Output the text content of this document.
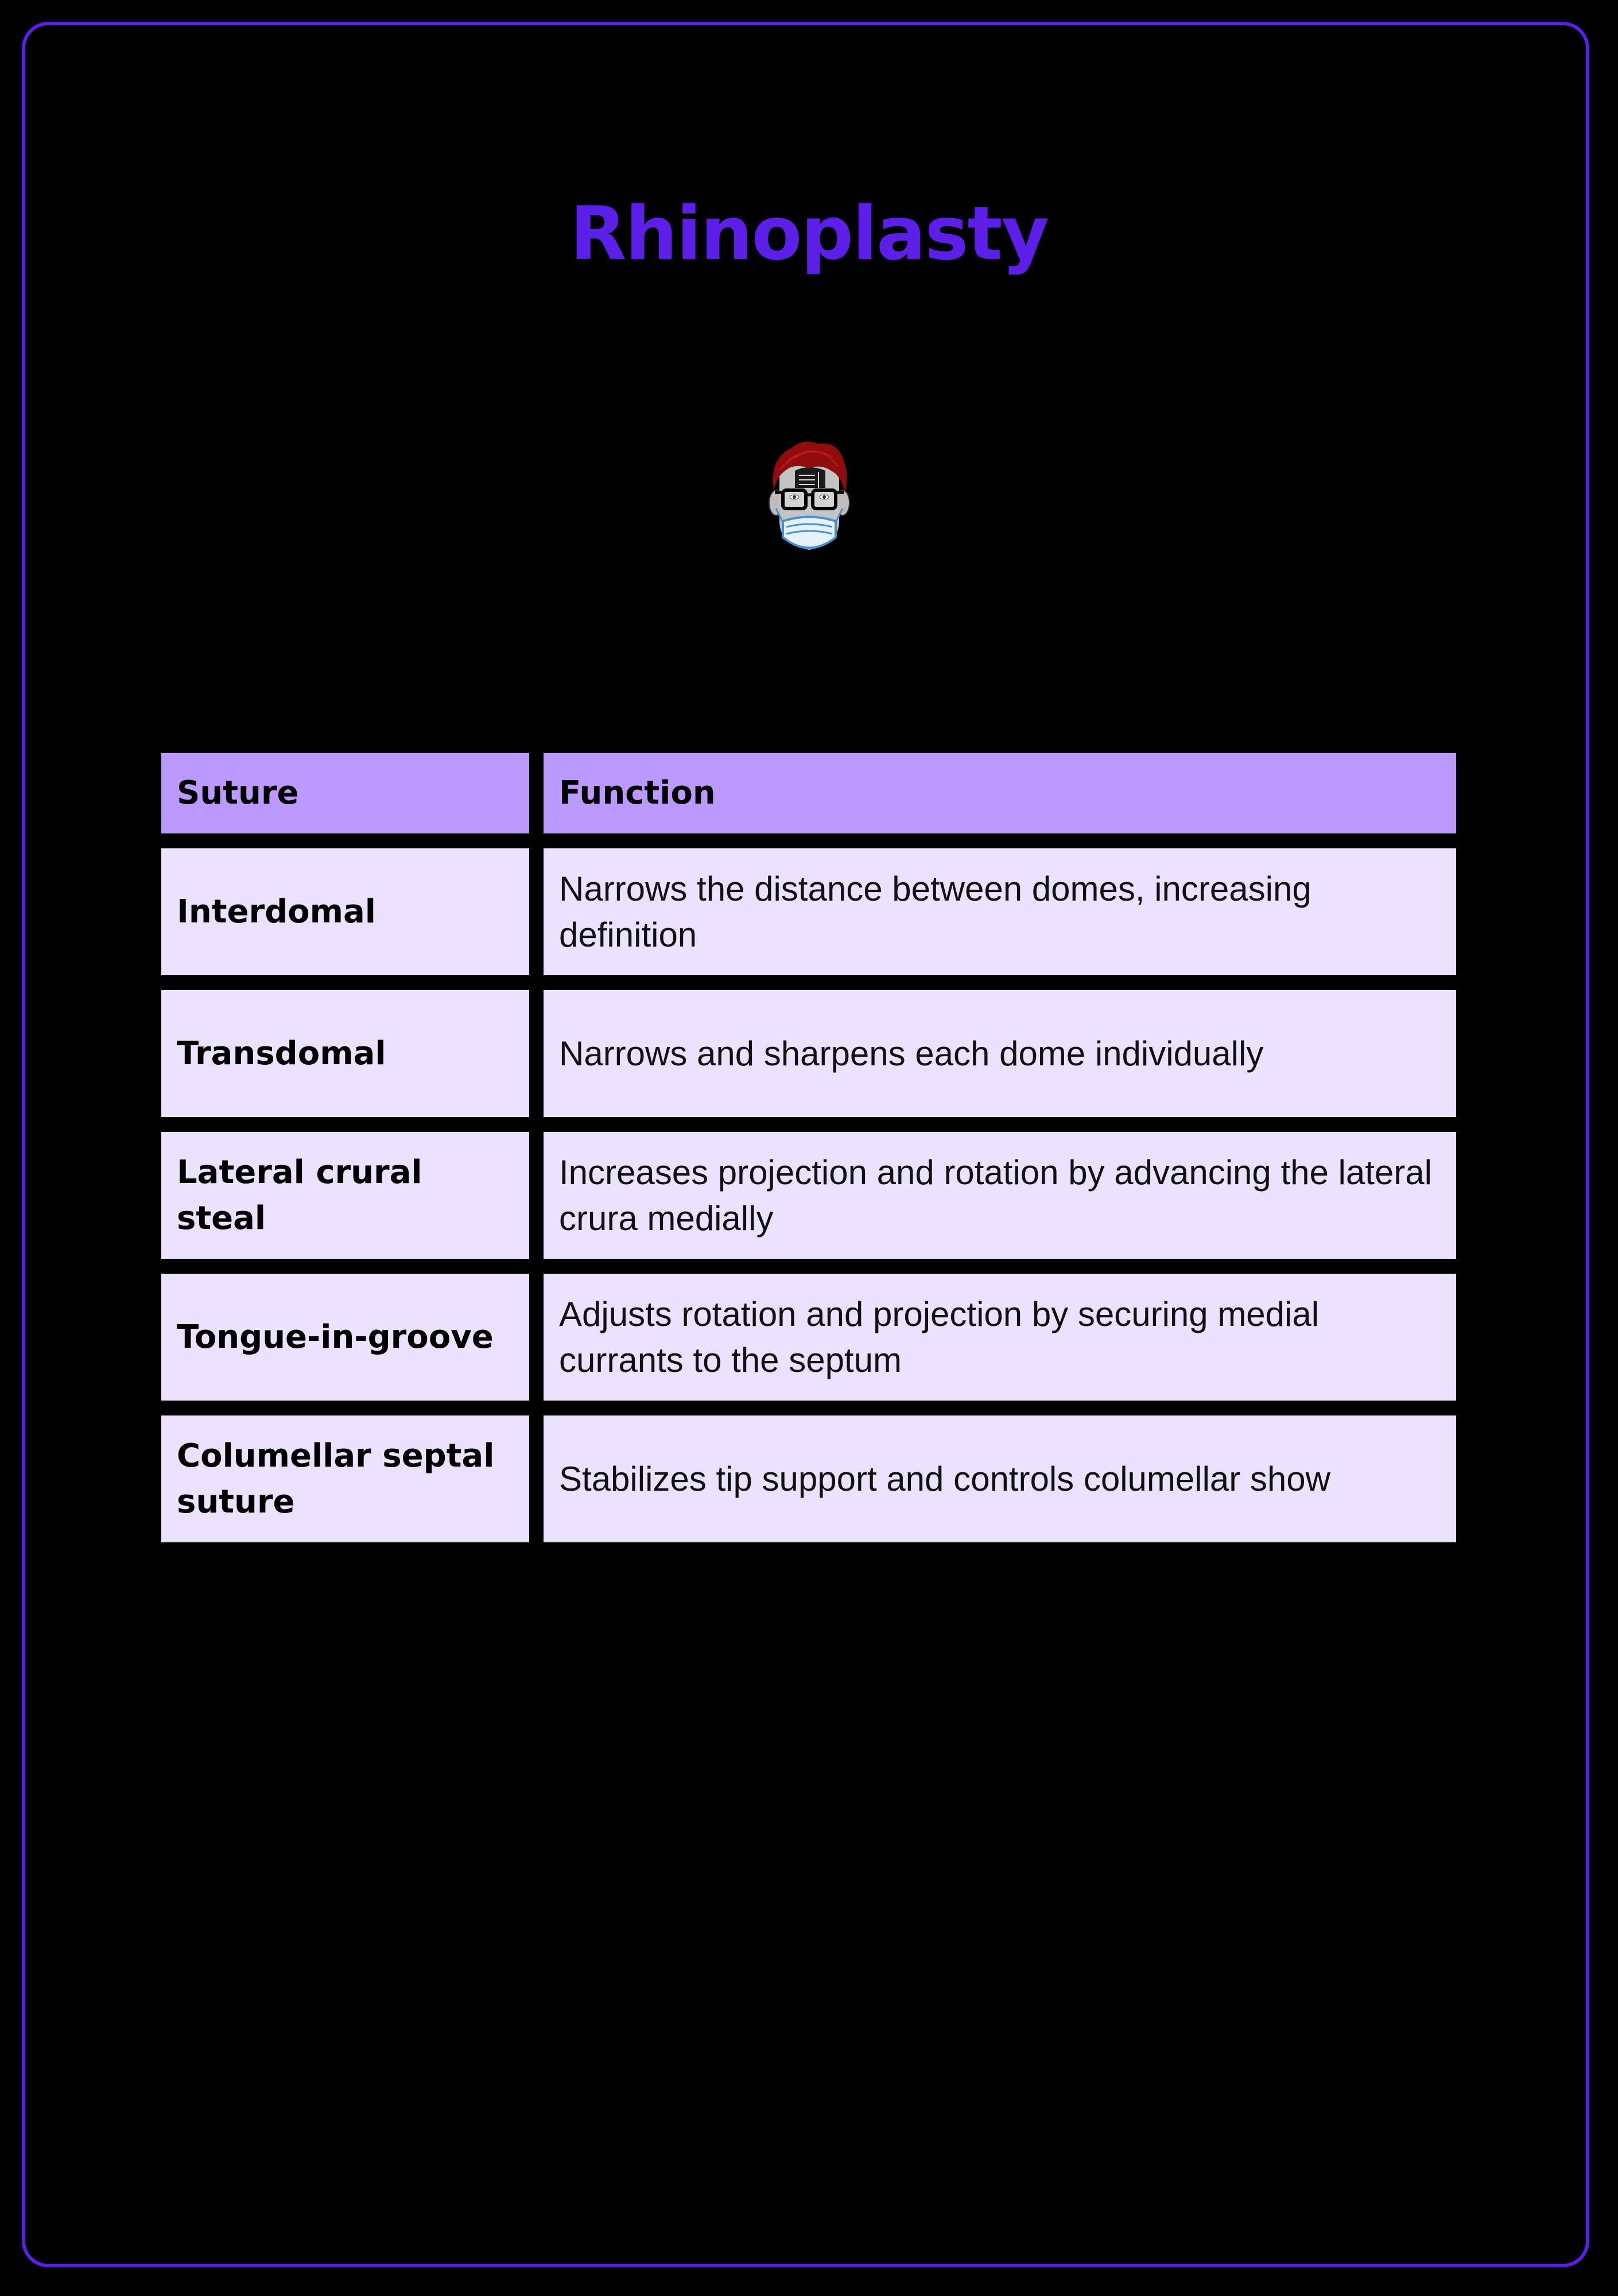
Rhinoplasty
Suture	Function
Interdomal
Narrows the distance between domes, increasing definition
Transdomal	Narrows and sharpens each dome individually
Lateral crural steal
Increases projection and rotation by advancing the lateral crura medially
Tongue-in-groove
Adjusts rotation and projection by securing medial currants to the septum
Columellar septal suture
Stabilizes tip support and controls columellar show
